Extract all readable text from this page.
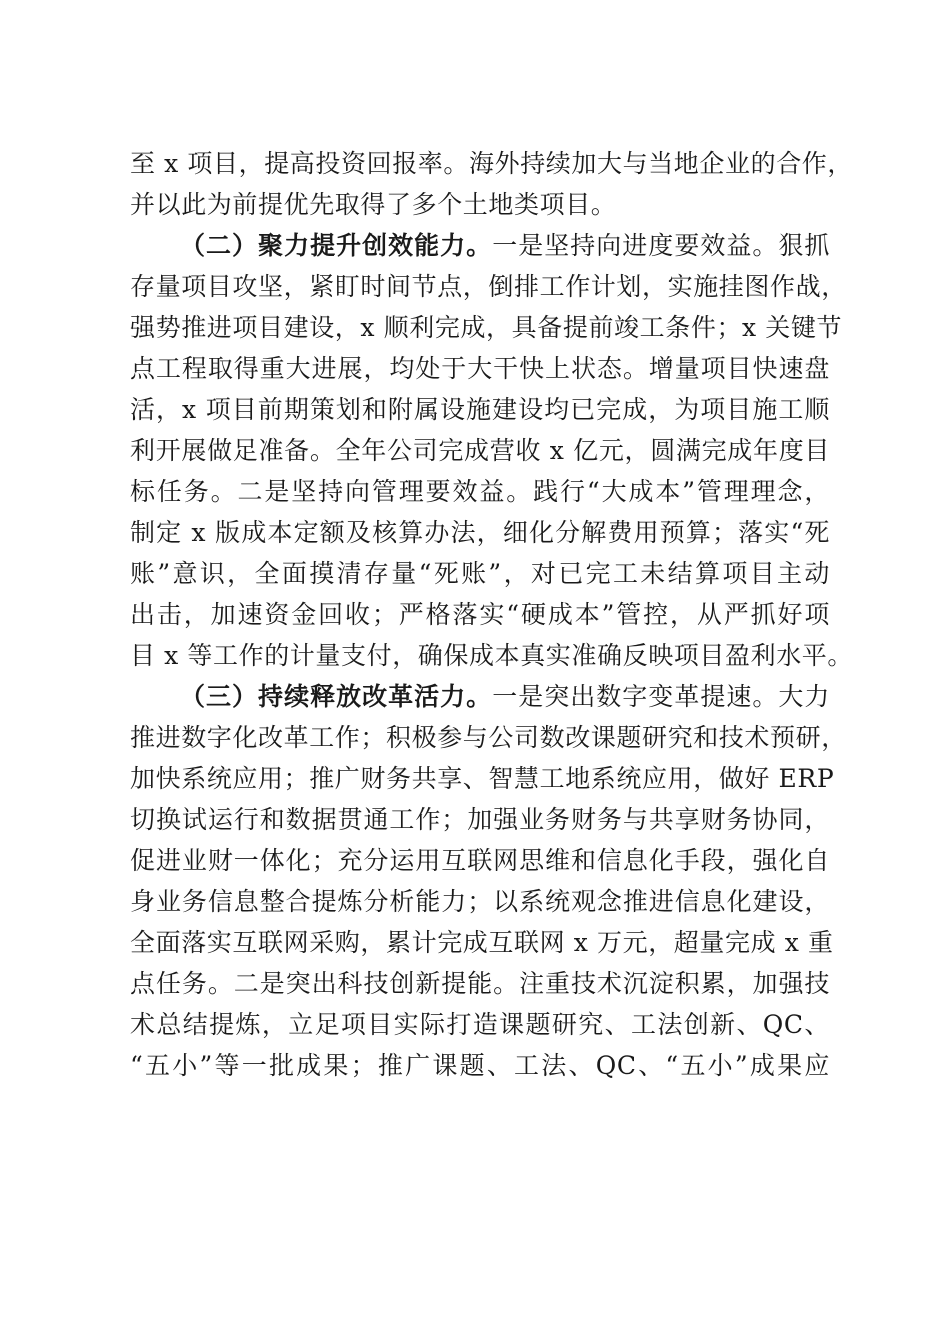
至 x 项目，提高投资回报率。海外持续加大与当地企业的合作，
并以此为前提优先取得了多个土地类项目。
（二）聚力提升创效能力。一是坚持向进度要效益。狠抓
存量项目攻坚，紧盯时间节点，倒排工作计划，实施挂图作战，
强势推进项目建设，x 顺利完成，具备提前竣工条件；x 关键节
点工程取得重大进展，均处于大干快上状态。增量项目快速盘
活，x 项目前期策划和附属设施建设均已完成，为项目施工顺
利开展做足准备。全年公司完成营收 x 亿元，圆满完成年度目
标任务。二是坚持向管理要效益。践行“大成本”管理理念，
制定 x 版成本定额及核算办法，细化分解费用预算；落实“死
账”意识，全面摸清存量“死账”，对已完工未结算项目主动
出击，加速资金回收；严格落实“硬成本”管控，从严抓好项
目 x 等工作的计量支付，确保成本真实准确反映项目盈利水平。
（三）持续释放改革活力。一是突出数字变革提速。大力
推进数字化改革工作；积极参与公司数改课题研究和技术预研，
加快系统应用；推广财务共享、智慧工地系统应用，做好 ERP
切换试运行和数据贯通工作；加强业务财务与共享财务协同，
促进业财一体化；充分运用互联网思维和信息化手段，强化自
身业务信息整合提炼分析能力；以系统观念推进信息化建设，
全面落实互联网采购，累计完成互联网 x 万元，超量完成 x 重
点任务。二是突出科技创新提能。注重技术沉淀积累，加强技
术总结提炼，立足项目实际打造课题研究、工法创新、QC、
“五小”等一批成果；推广课题、工法、QC、“五小”成果应
